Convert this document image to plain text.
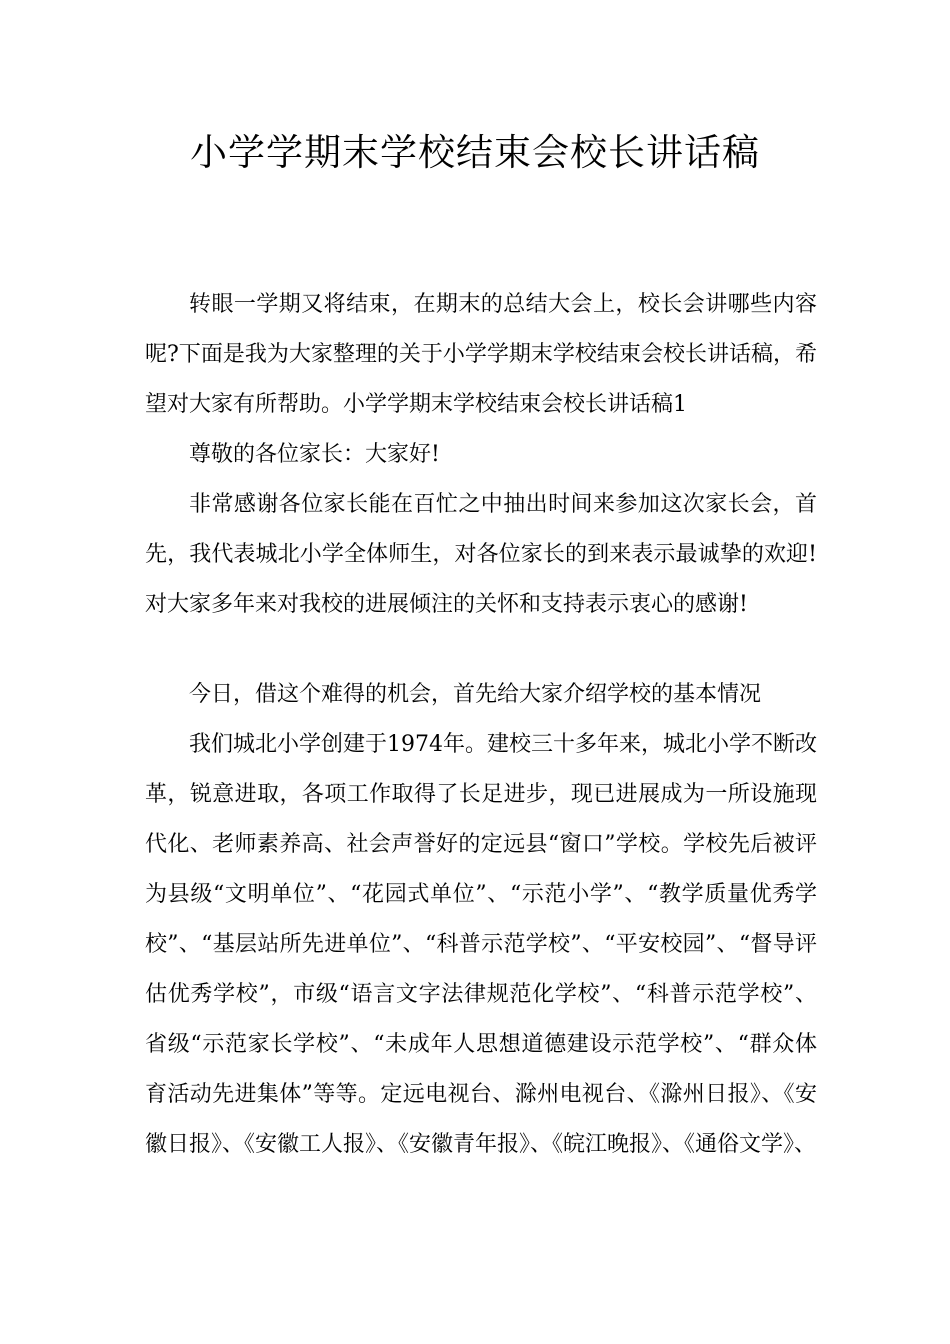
小学学期末学校结束会校长讲话稿

转眼一学期又将结束，在期末的总结大会上，校长会讲哪些内容呢?下面是我为大家整理的关于小学学期末学校结束会校长讲话稿，希望对大家有所帮助。小学学期末学校结束会校长讲话稿1

尊敬的各位家长：大家好!

非常感谢各位家长能在百忙之中抽出时间来参加这次家长会，首先，我代表城北小学全体师生，对各位家长的到来表示最诚挚的欢迎!对大家多年来对我校的进展倾注的关怀和支持表示衷心的感谢!

今日，借这个难得的机会，首先给大家介绍学校的基本情况

我们城北小学创建于1974年。建校三十多年来，城北小学不断改革，锐意进取，各项工作取得了长足进步，现已进展成为一所设施现代化、老师素养高、社会声誉好的定远县“窗口”学校。学校先后被评为县级“文明单位”、“花园式单位”、“示范小学”、“教学质量优秀学校”、“基层站所先进单位”、“科普示范学校”、“平安校园”、“督导评估优秀学校”，市级“语言文字法律规范化学校”、“科普示范学校”、省级“示范家长学校”、“未成年人思想道德建设示范学校”、“群众体育活动先进集体”等等。定远电视台、滁州电视台、《滁州日报》、《安徽日报》、《安徽工人报》、《安徽青年报》、《皖江晚报》、《通俗文学》、
